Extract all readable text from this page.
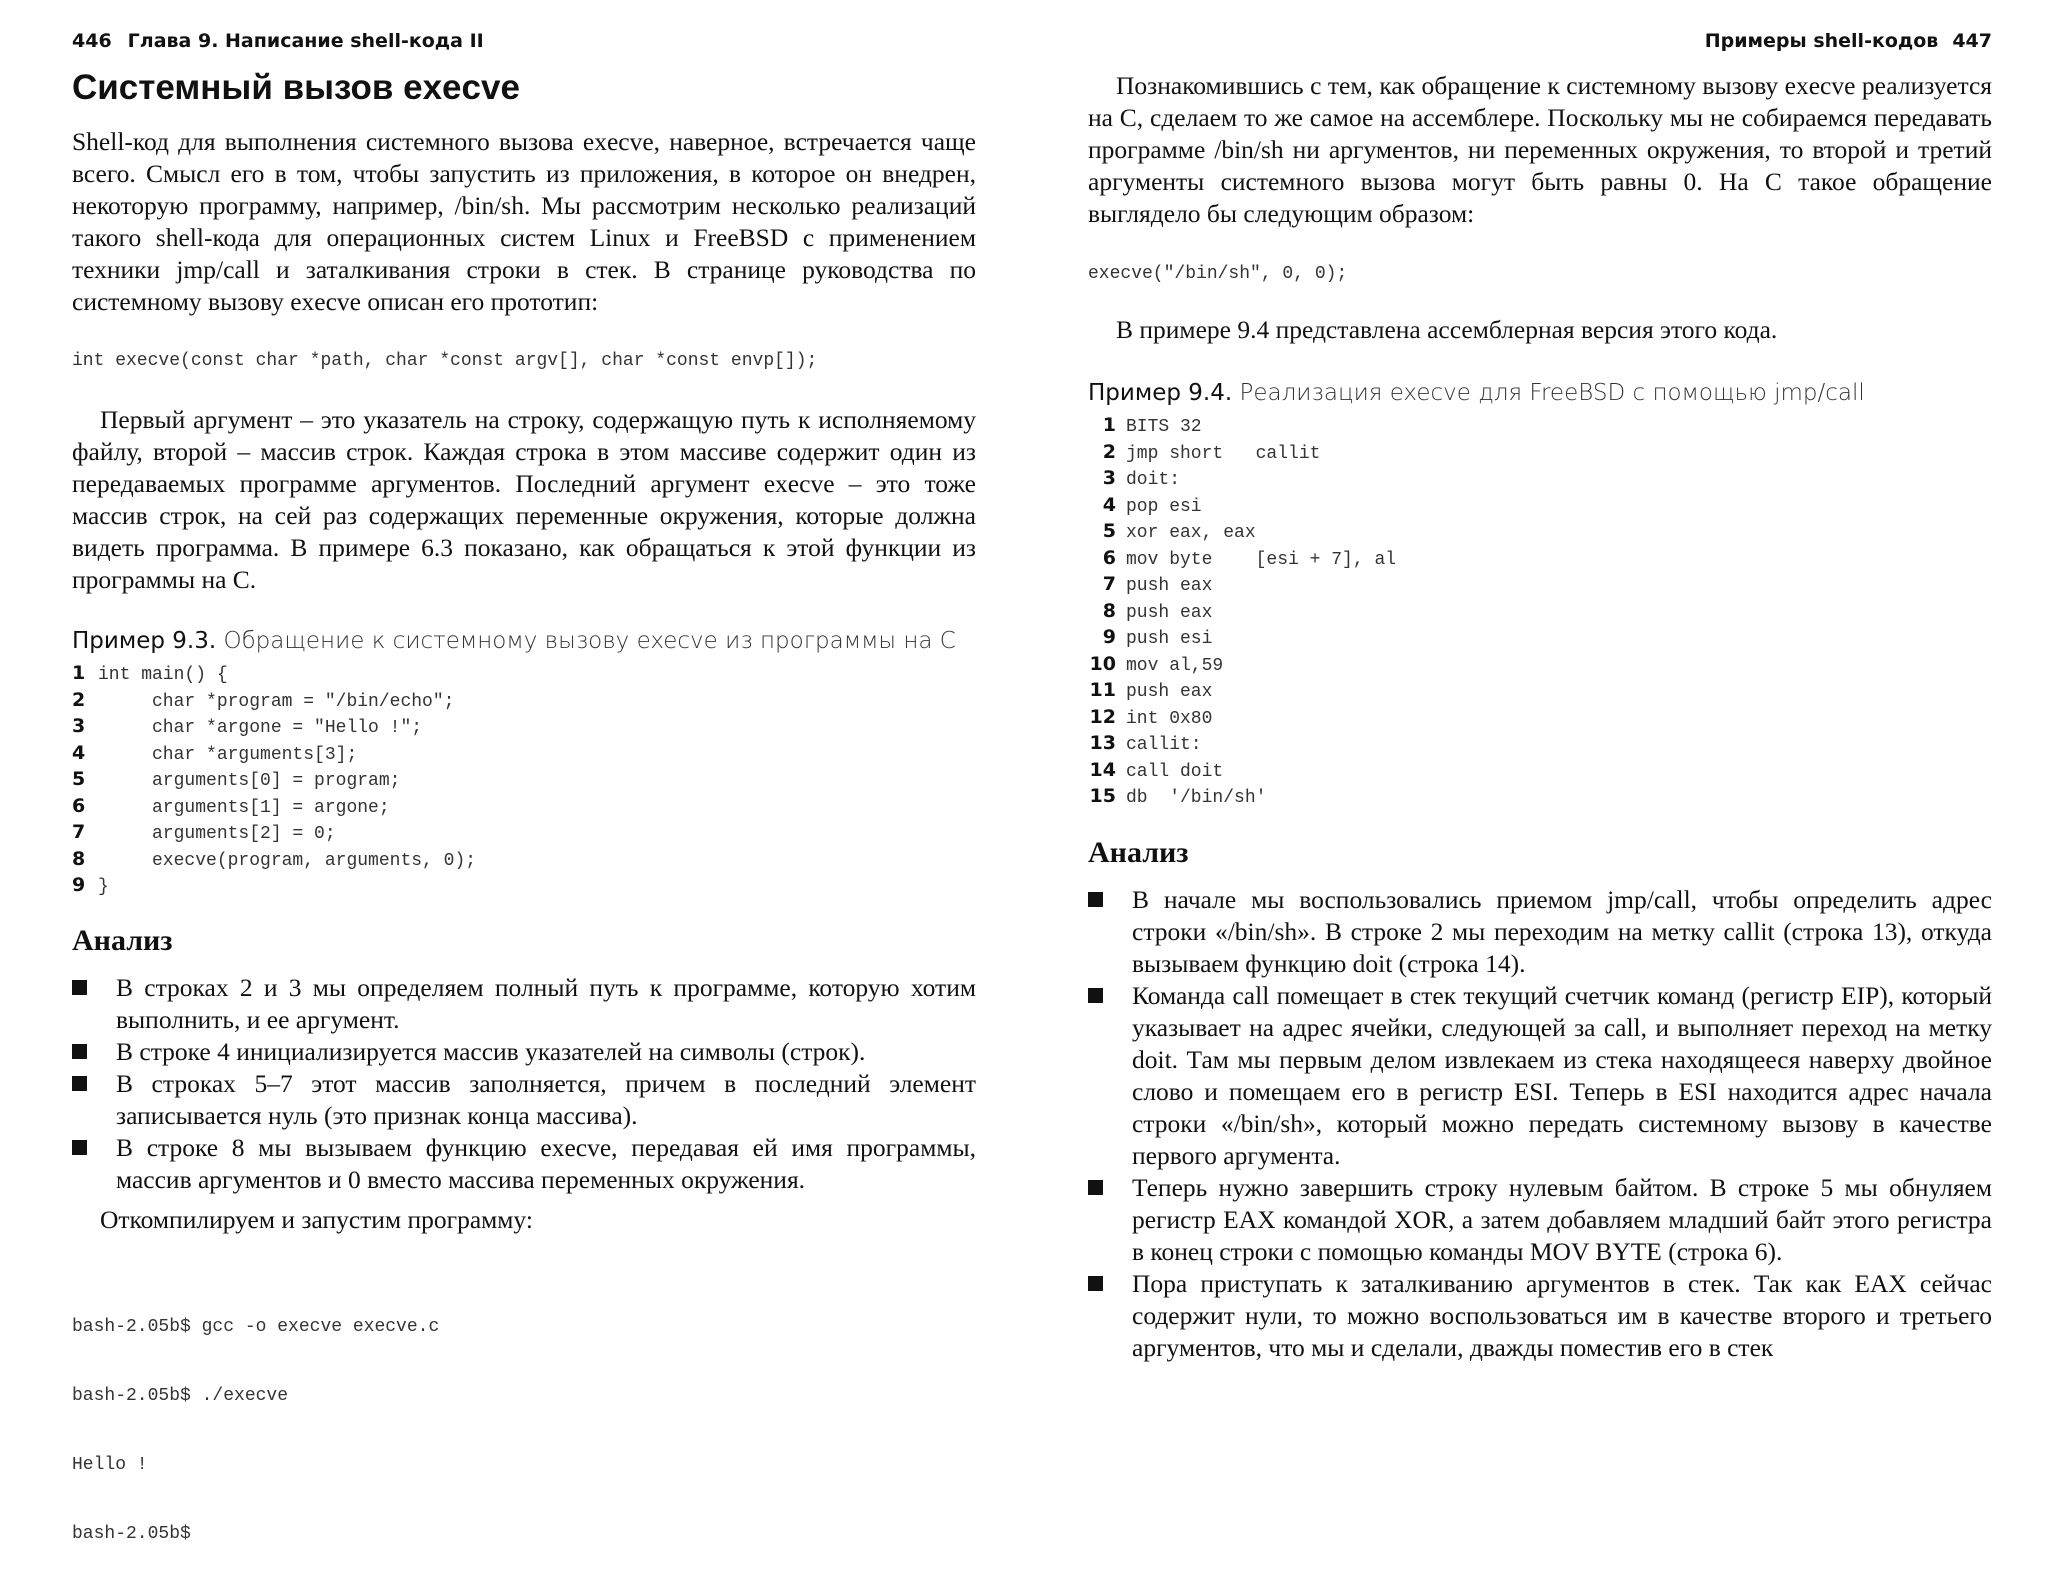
446 Глава 9. Написание shell-кода II
Системный вызов execve

Shell-код для выполнения системного вызова execve, наверное, встречается чаще всего. Смысл его в том, чтобы запустить из приложения, в которое он внедрен, некоторую программу, например, /bin/sh. Мы рассмотрим несколько реализаций такого shell-кода для операционных систем Linux и FreeBSD с применением техники jmp/call и заталкивания строки в стек. В странице руководства по системному вызову execve описан его прототип:

int execve(const char *path, char *const argv[], char *const envp[]);

Первый аргумент – это указатель на строку, содержащую путь к исполняемому файлу, второй – массив строк. Каждая строка в этом массиве содержит один из передаваемых программе аргументов. Последний аргумент execve – это тоже массив строк, на сей раз содержащих переменные окружения, которые должна видеть программа. В примере 6.3 показано, как обращаться к этой функции из программы на С.

Пример 9.3. Обращение к системному вызову execve из программы на С
1 int main() {
2     char *program = "/bin/echo";
3     char *argone = "Hello !";
4     char *arguments[3];
5     arguments[0] = program;
6     arguments[1] = argone;
7     arguments[2] = 0;
8     execve(program, arguments, 0);
9 }
Анализ
В строках 2 и 3 мы определяем полный путь к программе, которую хотим выполнить, и ее аргумент.
В строке 4 инициализируется массив указателей на символы (строк).
В строках 5–7 этот массив заполняется, причем в последний элемент записывается нуль (это признак конца массива).
В строке 8 мы вызываем функцию execve, передавая ей имя программы, массив аргументов и 0 вместо массива переменных окружения.

Откомпилируем и запустим программу:

bash-2.05b$ gcc -o execve execve.c

bash-2.05b$ ./execve

Hello !

bash-2.05b$

Примеры shell-кодов 447

Познакомившись с тем, как обращение к системному вызову execve реализуется на С, сделаем то же самое на ассемблере. Поскольку мы не собираемся передавать программе /bin/sh ни аргументов, ни переменных окружения, то второй и третий аргументы системного вызова могут быть равны 0. На С такое обращение выглядело бы следующим образом:

execve("/bin/sh", 0, 0);

В примере 9.4 представлена ассемблерная версия этого кода.

Пример 9.4. Реализация execve для FreeBSD с помощью jmp/call
1 BITS 32
2 jmp short   callit
3 doit:
4 pop esi
5 xor eax, eax
6 mov byte    [esi + 7], al
7 push eax
8 push eax
9 push esi
10 mov al,59
11 push eax
12 int 0x80
13 callit:
14 call doit
15 db  '/bin/sh'
Анализ
В начале мы воспользовались приемом jmp/call, чтобы определить адрес строки «/bin/sh». В строке 2 мы переходим на метку callit (строка 13), откуда вызываем функцию doit (строка 14).
Команда call помещает в стек текущий счетчик команд (регистр EIP), который указывает на адрес ячейки, следующей за call, и выполняет переход на метку doit. Там мы первым делом извлекаем из стека находящееся наверху двойное слово и помещаем его в регистр ESI. Теперь в ESI находится адрес начала строки «/bin/sh», который можно передать системному вызову в качестве первого аргумента.
Теперь нужно завершить строку нулевым байтом. В строке 5 мы обнуляем регистр EAX командой XOR, а затем добавляем младший байт этого регистра в конец строки с помощью команды MOV BYTE (строка 6).
Пора приступать к заталкиванию аргументов в стек. Так как EAX сейчас содержит нули, то можно воспользоваться им в качестве второго и третьего аргументов, что мы и сделали, дважды поместив его в стек
